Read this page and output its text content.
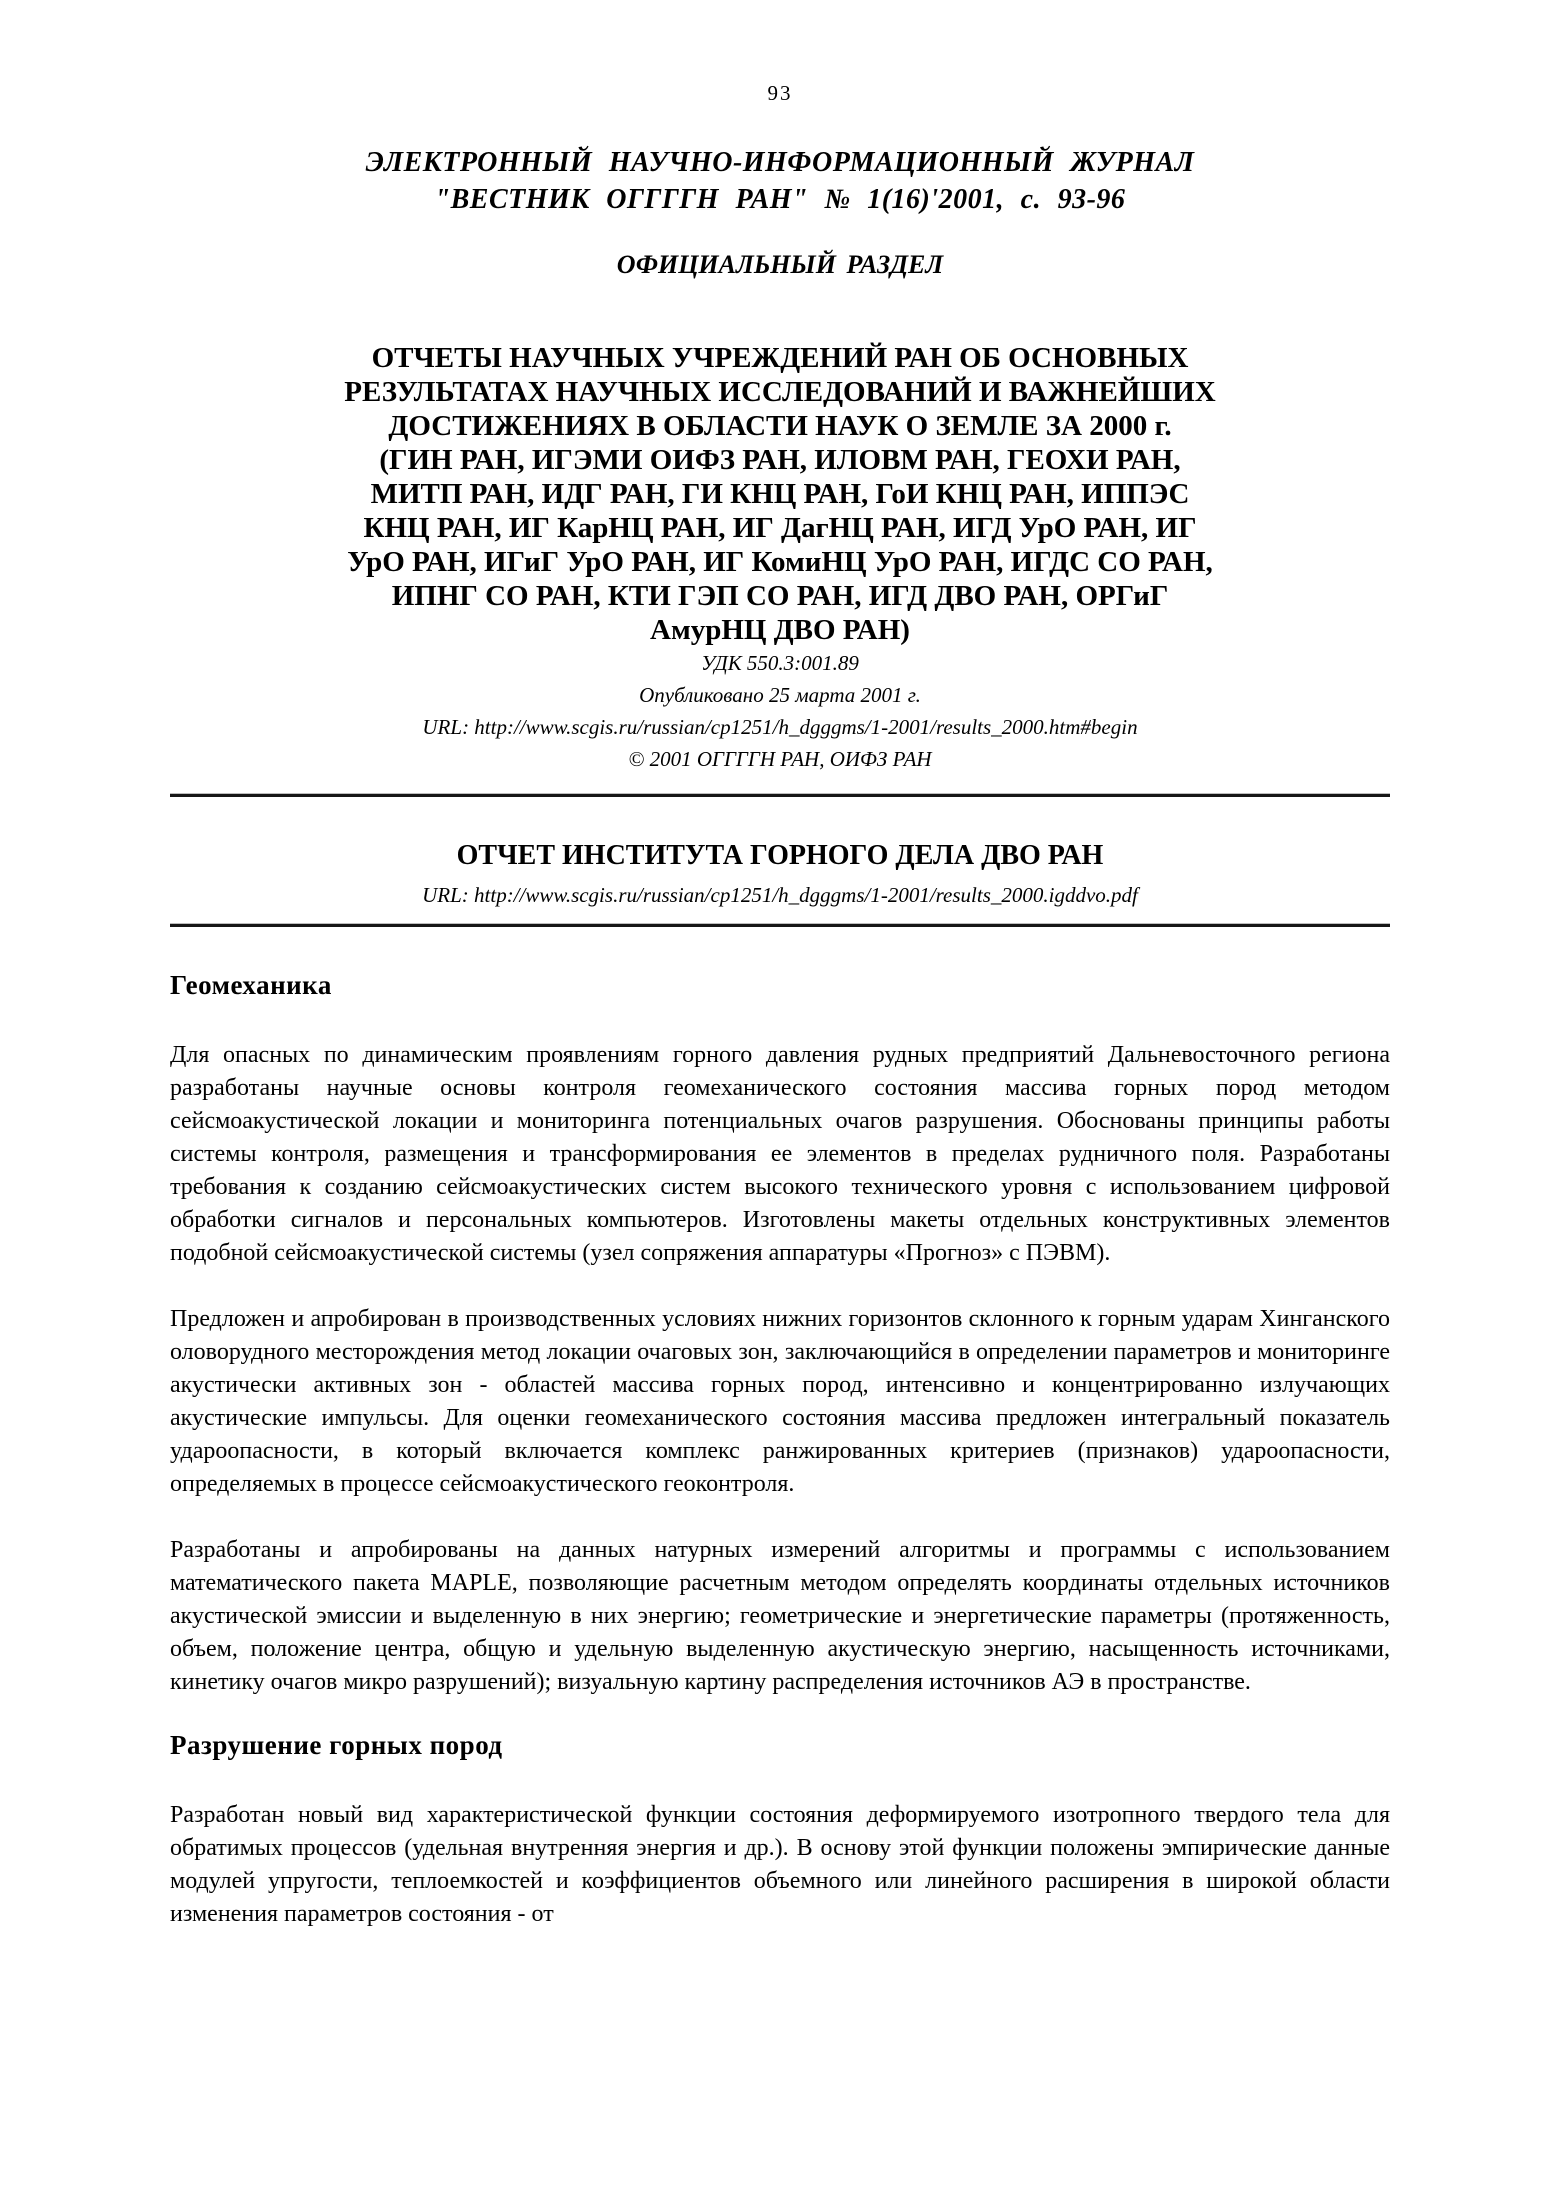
93
ЭЛЕКТРОННЫЙ НАУЧНО-ИНФОРМАЦИОННЫЙ ЖУРНАЛ
"ВЕСТНИК ОГГГГН РАН" № 1(16)'2001, с. 93-96
ОФИЦИАЛЬНЫЙ РАЗДЕЛ
ОТЧЕТЫ НАУЧНЫХ УЧРЕЖДЕНИЙ РАН ОБ ОСНОВНЫХ
РЕЗУЛЬТАТАХ НАУЧНЫХ ИССЛЕДОВАНИЙ И ВАЖНЕЙШИХ
ДОСТИЖЕНИЯХ В ОБЛАСТИ НАУК О ЗЕМЛЕ ЗА 2000 г.
(ГИН РАН, ИГЭМИ ОИФЗ РАН, ИЛОВМ РАН, ГЕОХИ РАН,
МИТП РАН, ИДГ РАН, ГИ КНЦ РАН, ГоИ КНЦ РАН, ИППЭС
КНЦ РАН, ИГ КарНЦ РАН, ИГ ДагНЦ РАН, ИГД УрО РАН, ИГ
УрО РАН, ИГиГ УрО РАН, ИГ КомиНЦ УрО РАН, ИГДС СО РАН,
ИПНГ СО РАН, КТИ ГЭП СО РАН, ИГД ДВО РАН, ОРГиГ
АмурНЦ ДВО РАН)
УДК 550.3:001.89
Опубликовано 25 марта 2001 г.
URL: http://www.scgis.ru/russian/cp1251/h_dgggms/1-2001/results_2000.htm#begin
© 2001 ОГГГГН РАН, ОИФЗ РАН
ОТЧЕТ ИНСТИТУТА ГОРНОГО ДЕЛА ДВО РАН
URL: http://www.scgis.ru/russian/cp1251/h_dgggms/1-2001/results_2000.igddvo.pdf
Геомеханика

Для опасных по динамическим проявлениям горного давления рудных предприятий Дальневосточного региона разработаны научные основы контроля геомеханического состояния массива горных пород методом сейсмоакустической локации и мониторинга потенциальных очагов разрушения. Обоснованы принципы работы системы контроля, размещения и трансформирования ее элементов в пределах рудничного поля. Разработаны требования к созданию сейсмоакустических систем высокого технического уровня с использованием цифровой обработки сигналов и персональных компьютеров. Изготовлены макеты отдельных конструктивных элементов подобной сейсмоакустической системы (узел сопряжения аппаратуры «Прогноз» с ПЭВМ).

Предложен и апробирован в производственных условиях нижних горизонтов склонного к горным ударам Хинганского оловорудного месторождения метод локации очаговых зон, заключающийся в определении параметров и мониторинге акустически активных зон - областей массива горных пород, интенсивно и концентрированно излучающих акустические импульсы. Для оценки геомеханического состояния массива предложен интегральный показатель удароопасности, в который включается комплекс ранжированных критериев (признаков) удароопасности, определяемых в процессе сейсмоакустического геоконтроля.

Разработаны и апробированы на данных натурных измерений алгоритмы и программы с использованием математического пакета MAPLE, позволяющие расчетным методом определять координаты отдельных источников акустической эмиссии и выделенную в них энергию; геометрические и энергетические параметры (протяженность, объем, положение центра, общую и удельную выделенную акустическую энергию, насыщенность источниками, кинетику очагов микро разрушений); визуальную картину распределения источников АЭ в пространстве.

Разрушение горных пород

Разработан новый вид характеристической функции состояния деформируемого изотропного твердого тела для обратимых процессов (удельная внутренняя энергия и др.). В основу этой функции положены эмпирические данные модулей упругости, теплоемкостей и коэффициентов объемного или линейного расширения в широкой области изменения параметров состояния - от
